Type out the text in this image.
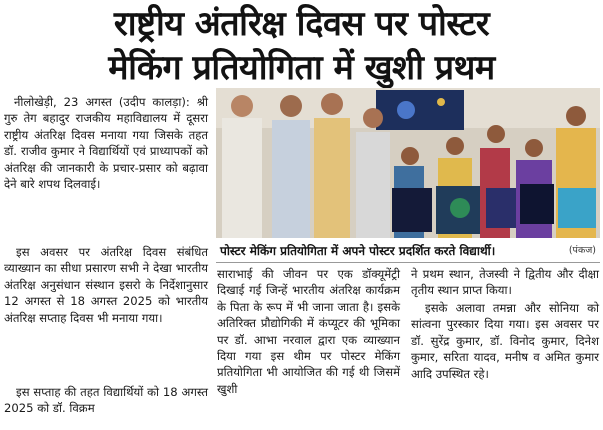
राष्ट्रीय अंतरिक्ष दिवस पर पोस्टर
मेकिंग प्रतियोगिता में खुशी प्रथम

नीलोखेड़ी, 23 अगस्त (उदीप कालड़ा): श्री गुरु तेग बहादुर राजकीय महाविद्यालय में दूसरा राष्ट्रीय अंतरिक्ष दिवस मनाया गया जिसके तहत डॉ. राजीव कुमार ने विद्यार्थियों एवं प्राध्यापकों को अंतरिक्ष की जानकारी के प्रचार-प्रसार को बढ़ावा देने बारे शपथ दिलवाई।

इस अवसर पर अंतरिक्ष दिवस संबंधित व्याख्यान का सीधा प्रसारण सभी ने देखा भारतीय अंतरिक्ष अनुसंधान संस्थान इसरो के निर्देशानुसार 12 अगस्त से 18 अगस्त 2025 को भारतीय अंतरिक्ष सप्ताह दिवस भी मनाया गया।

इस सप्ताह की तहत विद्यार्थियों को 18 अगस्त 2025 को डॉ. विक्रम

पोस्टर मेकिंग प्रतियोगिता में अपने पोस्टर प्रदर्शित करते विद्यार्थी।	(पंकज)

साराभाई की जीवन पर एक डॉक्यूमेंट्री दिखाई गई जिन्हें भारतीय अंतरिक्ष कार्यक्रम के पिता के रूप में भी जाना जाता है। इसके अतिरिक्त प्रौद्योगिकी में कंप्यूटर की भूमिका पर डॉ. आभा नरवाल द्वारा एक व्याख्यान दिया गया इस थीम पर पोस्टर मेकिंग प्रतियोगिता भी आयोजित की गई थी जिसमें खुशी

ने प्रथम स्थान, तेजस्वी ने द्वितीय और दीक्षा तृतीय स्थान प्राप्त किया।

इसके अलावा तमन्ना और सोनिया को सांत्वना पुरस्कार दिया गया। इस अवसर पर डॉ. सुरेंद्र कुमार, डॉ. विनोद कुमार, दिनेश कुमार, सरिता यादव, मनीष व अमित कुमार आदि उपस्थित रहे।
